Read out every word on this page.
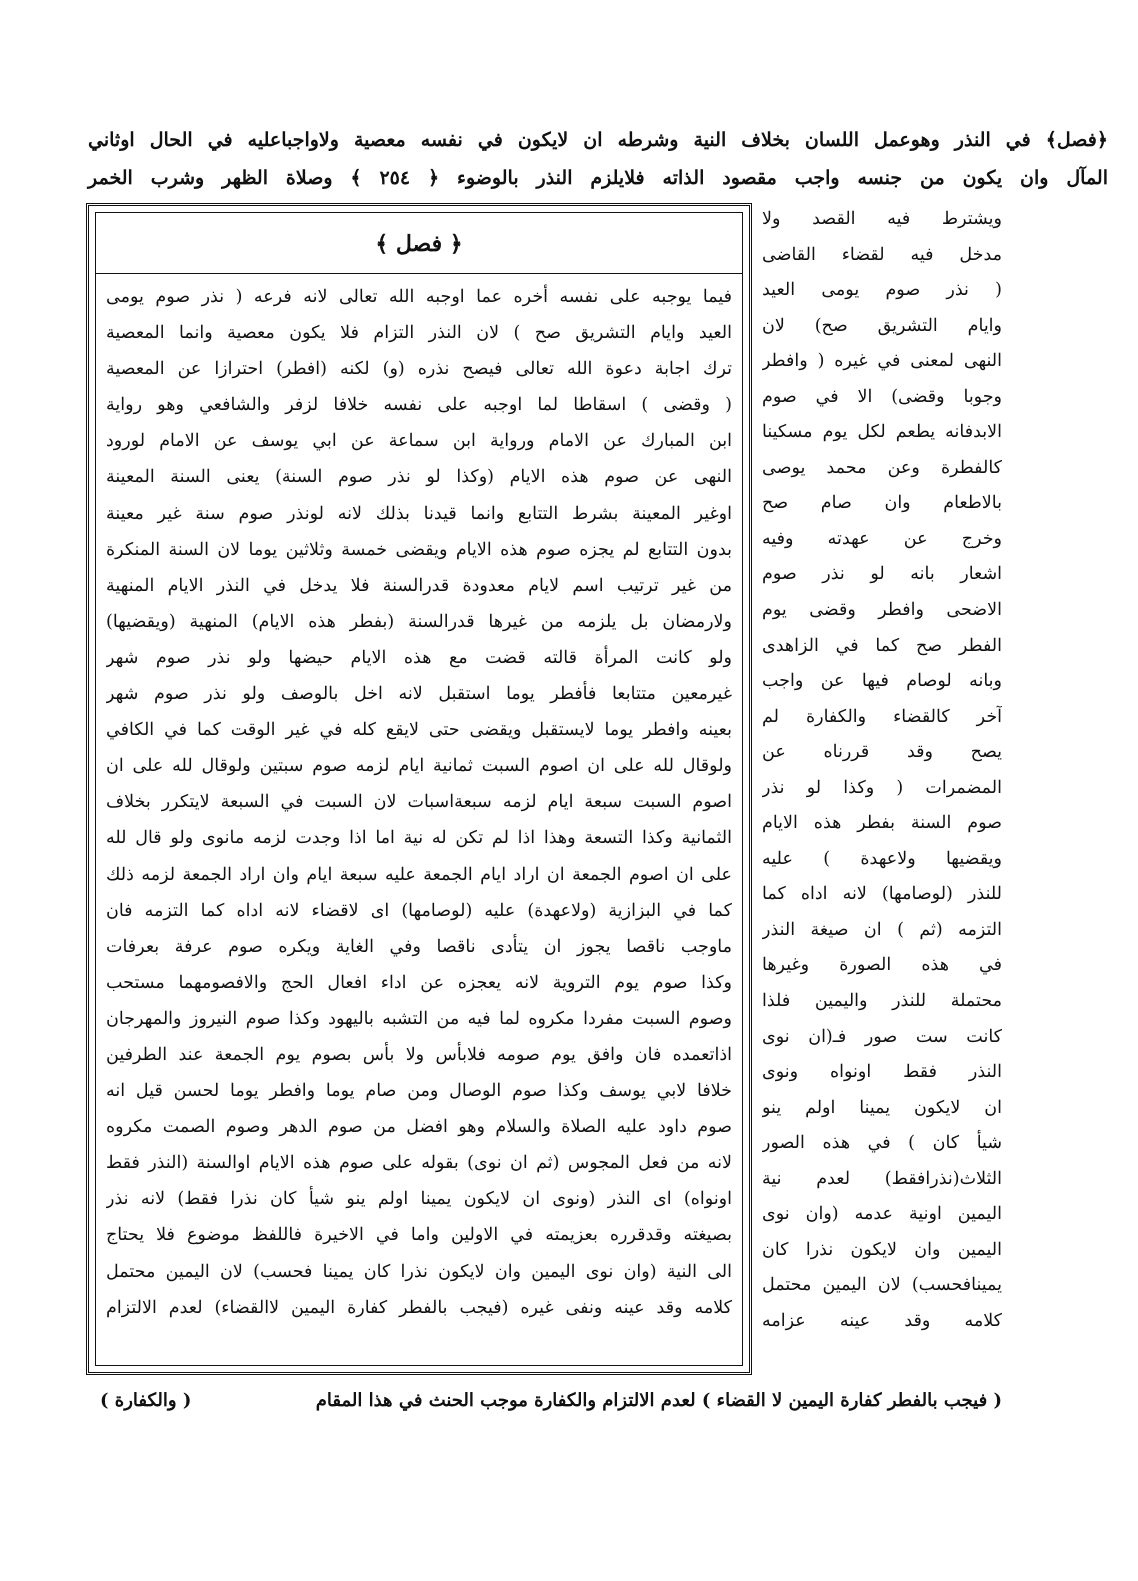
﴿فصل﴾ في النذر وهوعمل اللسان بخلاف النية وشرطه ان لايكون في نفسه معصية ولاواجباعليه في الحال اوثاني
المآل وان يكون من جنسه واجب مقصود الذاته فلايلزم النذر بالوضوء ﴿ ٢٥٤ ﴾ وصلاة الظهر وشرب الخمر
﴿ فصل ﴾
فيما يوجبه على نفسه أخره عما اوجبه الله تعالى لانه فرعه ( نذر صوم يومى
العيد وايام التشريق صح ) لان النذر التزام فلا يكون معصية وانما المعصية
ترك اجابة دعوة الله تعالى فيصح نذره (و) لكنه (افطر) احترازا عن المعصية
( وقضى ) اسقاطا لما اوجبه على نفسه خلافا لزفر والشافعي وهو رواية
ابن المبارك عن الامام ورواية ابن سماعة عن ابي يوسف عن الامام لورود
النهى عن صوم هذه الايام (وكذا لو نذر صوم السنة) يعنى السنة المعينة
اوغير المعينة بشرط التتابع وانما قيدنا بذلك لانه لونذر صوم سنة غير معينة
بدون التتابع لم يجزه صوم هذه الايام ويقضى خمسة وثلاثين يوما لان السنة المنكرة
من غير ترتيب اسم لايام معدودة قدرالسنة فلا يدخل في النذر الايام المنهية
ولارمضان بل يلزمه من غيرها قدرالسنة (بفطر هذه الايام) المنهية (ويقضيها)
ولو كانت المرأة قالته قضت مع هذه الايام حيضها ولو نذر صوم شهر
غيرمعين متتابعا فأفطر يوما استقبل لانه اخل بالوصف ولو نذر صوم شهر
بعينه وافطر يوما لايستقبل ويقضى حتى لايقع كله في غير الوقت كما في الكافي
ولوقال لله على ان اصوم السبت ثمانية ايام لزمه صوم سبتين ولوقال لله على ان
اصوم السبت سبعة ايام لزمه سبعةاسبات لان السبت في السبعة لايتكرر بخلاف
الثمانية وكذا التسعة وهذا اذا لم تكن له نية اما اذا وجدت لزمه مانوى ولو قال لله
على ان اصوم الجمعة ان اراد ايام الجمعة عليه سبعة ايام وان اراد الجمعة لزمه ذلك
كما في البزازية (ولاعهدة) عليه (لوصامها) اى لاقضاء لانه اداه كما التزمه فان
ماوجب ناقصا يجوز ان يتأدى ناقصا وفي الغاية ويكره صوم عرفة بعرفات
وكذا صوم يوم التروية لانه يعجزه عن اداء افعال الحج والافصومهما مستحب
وصوم السبت مفردا مكروه لما فيه من التشبه باليهود وكذا صوم النيروز والمهرجان
اذاتعمده فان وافق يوم صومه فلابأس ولا بأس بصوم يوم الجمعة عند الطرفين
خلافا لابي يوسف وكذا صوم الوصال ومن صام يوما وافطر يوما لحسن قيل انه
صوم داود عليه الصلاة والسلام وهو افضل من صوم الدهر وصوم الصمت مكروه
لانه من فعل المجوس (ثم ان نوى) بقوله على صوم هذه الايام اوالسنة (النذر فقط
اونواه) اى النذر (ونوى ان لايكون يمينا اولم ينو شيأ كان نذرا فقط) لانه نذر
بصيغته وقدقرره بعزيمته في الاولين واما في الاخيرة فاللفظ موضوع فلا يحتاج
الى النية (وان نوى اليمين وان لايكون نذرا كان يمينا فحسب) لان اليمين محتمل
كلامه وقد عينه ونفى غيره (فيجب بالفطر كفارة اليمين لاالقضاء) لعدم الالتزام
ويشترط فيه القصد ولا
مدخل فيه لقضاء القاضى
( نذر صوم يومى العيد
وايام التشريق صح) لان
النهى لمعنى في غيره ( وافطر
وجوبا وقضى) الا في صوم
الابدفانه يطعم لكل يوم مسكينا
كالفطرة وعن محمد يوصى
بالاطعام وان صام صح
وخرج عن عهدته وفيه
اشعار بانه لو نذر صوم
الاضحى وافطر وقضى يوم
الفطر صح كما في الزاهدى
وبانه لوصام فيها عن واجب
آخر كالقضاء والكفارة لم
يصح وقد قررناه عن
المضمرات ( وكذا لو نذر
صوم السنة بفطر هذه الايام
ويقضيها ولاعهدة ) عليه
للنذر (لوصامها) لانه اداه كما
التزمه (ثم ) ان صيغة النذر
في هذه الصورة وغيرها
محتملة للنذر واليمين فلذا
كانت ست صور فـ(ان نوى
النذر فقط اونواه ونوى
ان لايكون يمينا اولم ينو
شيأ كان ) في هذه الصور
الثلاث(نذرافقط) لعدم نية
اليمين اونية عدمه (وان نوى
اليمين وان لايكون نذرا كان
يمينافحسب) لان اليمين محتمل
كلامه وقد عينه عزامه
( فيجب بالفطر كفارة اليمين لا القضاء ) لعدم الالتزام والكفارة موجب الحنث في هذا المقام
( والكفارة )
